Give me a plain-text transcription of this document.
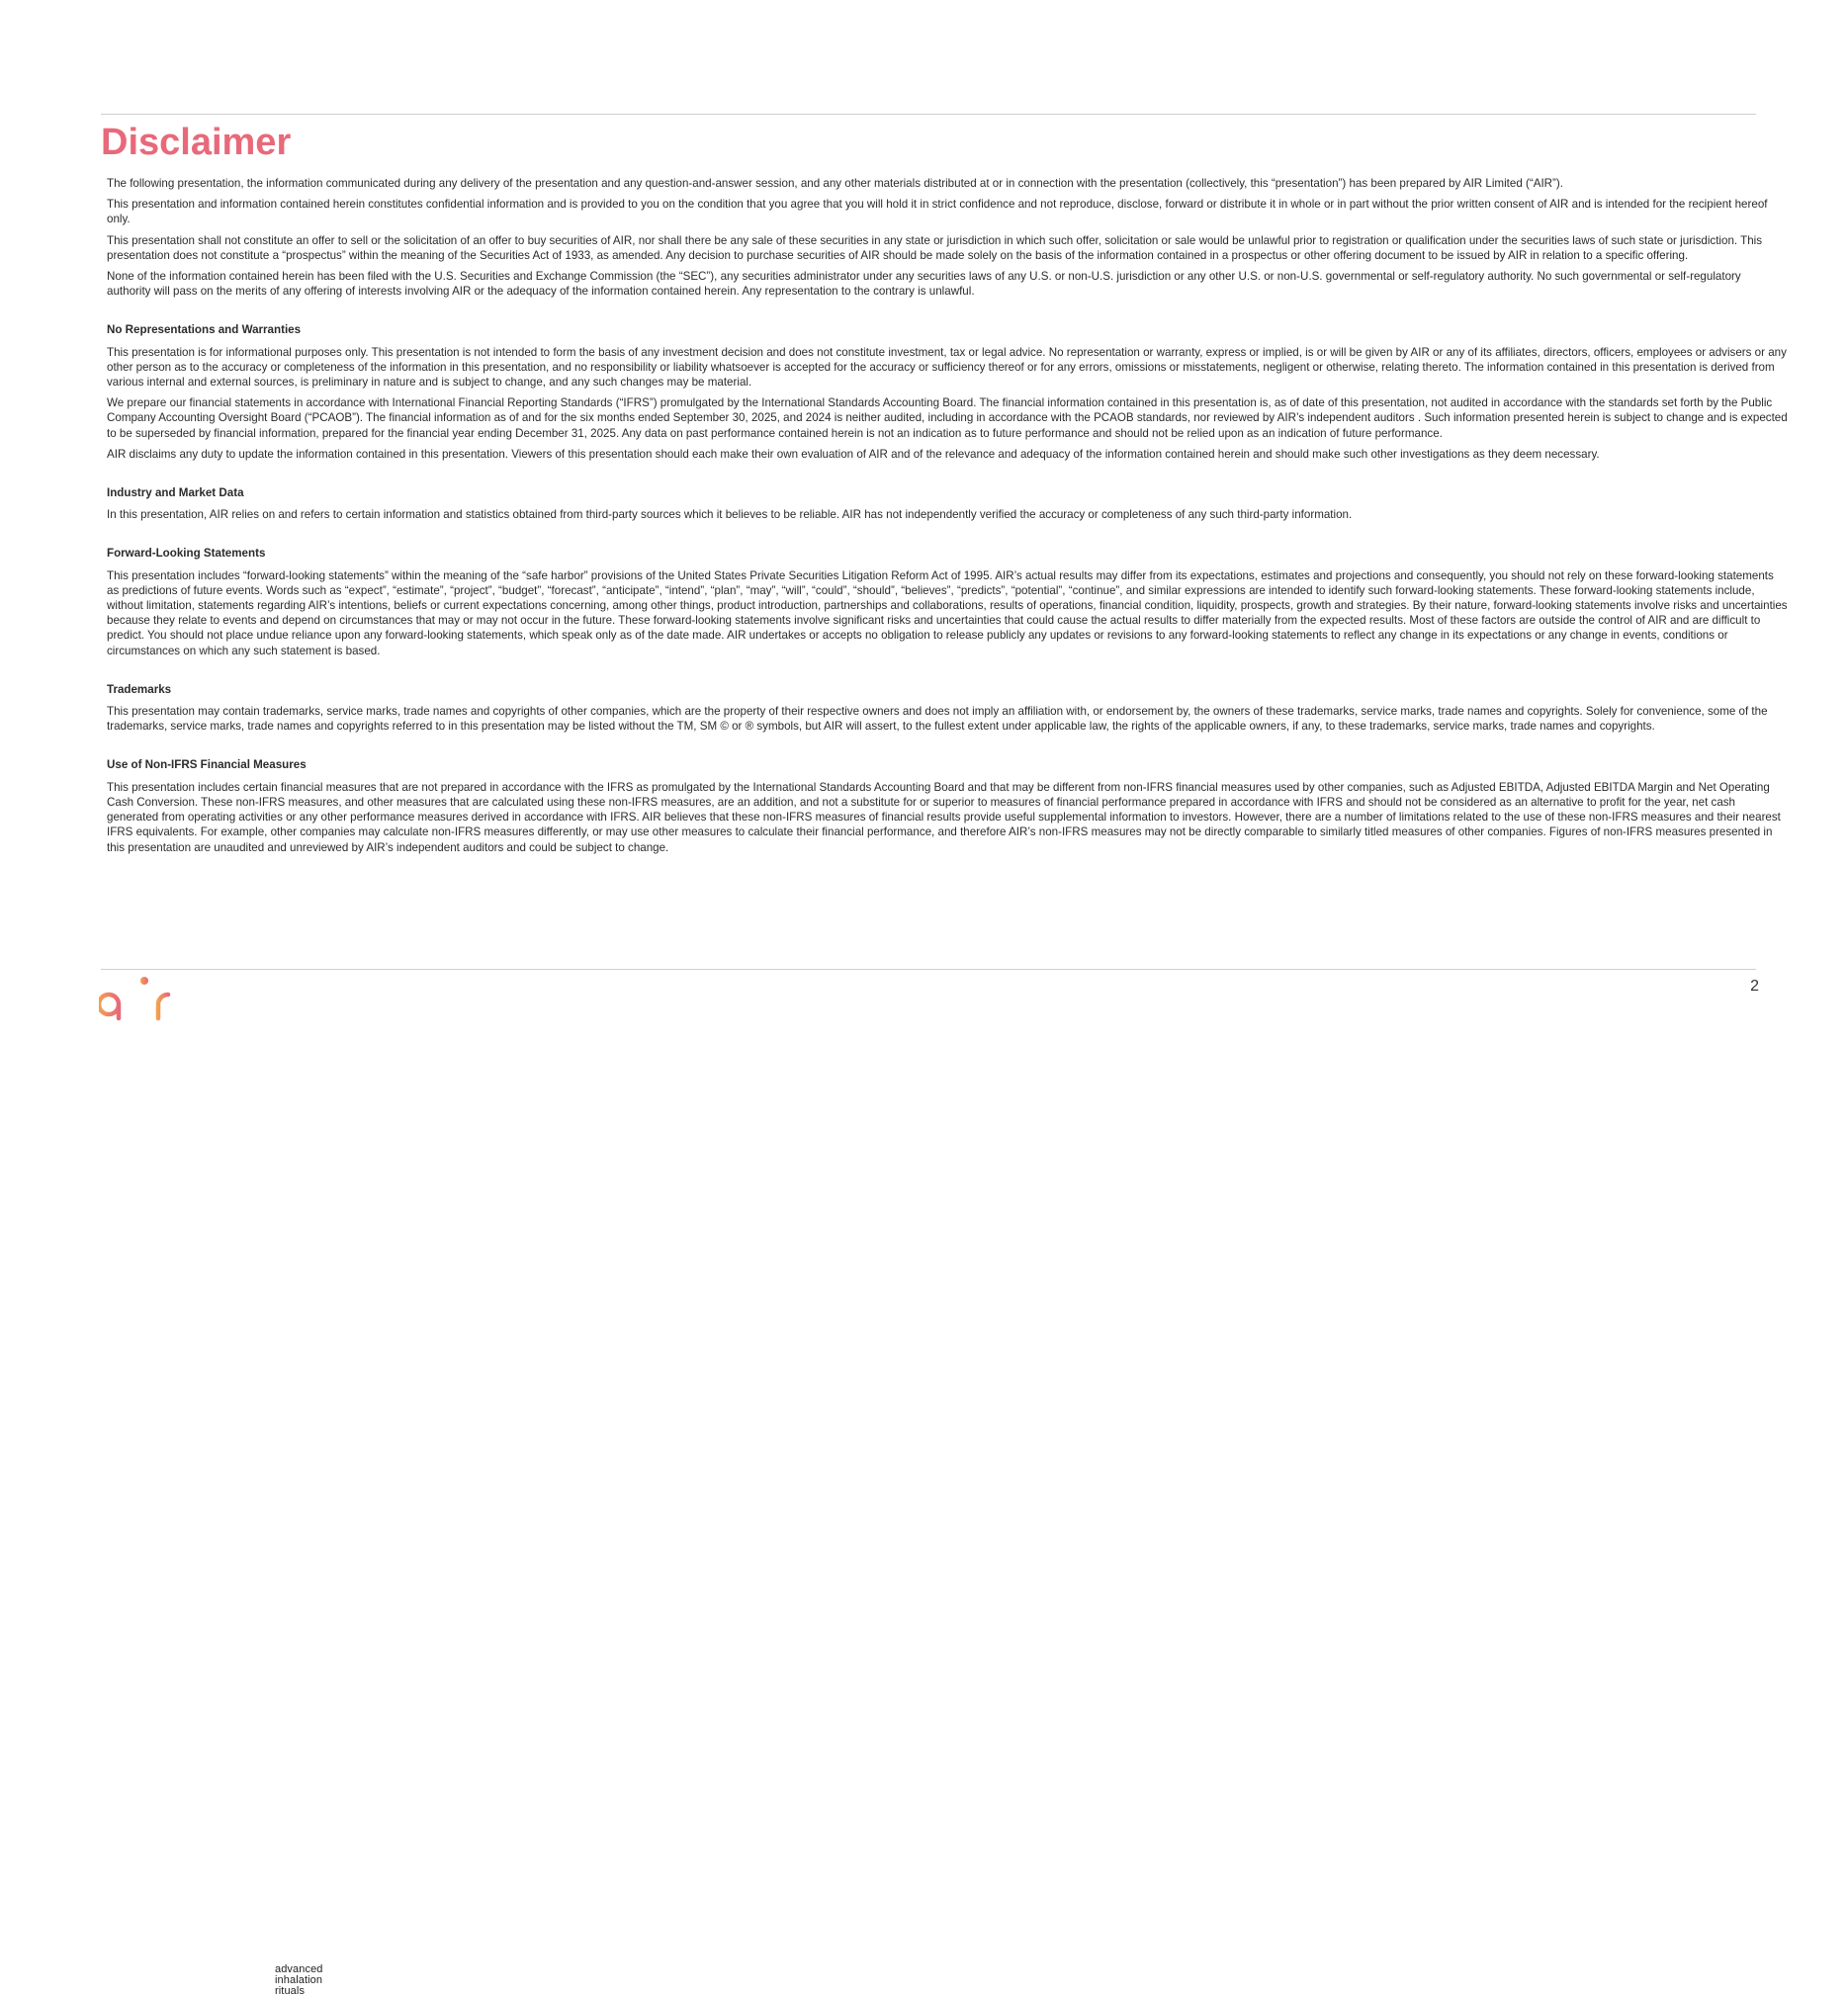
Disclaimer

The following presentation, the information communicated during any delivery of the presentation and any question-and-answer session, and any other materials distributed at or in connection with the presentation (collectively, this “presentation”) has been prepared by AIR Limited (“AIR”).

This presentation and information contained herein constitutes confidential information and is provided to you on the condition that you agree that you will hold it in strict confidence and not reproduce, disclose, forward or distribute it in whole or in part without the prior written consent of AIR and is intended for the recipient hereof only.

This presentation shall not constitute an offer to sell or the solicitation of an offer to buy securities of AIR, nor shall there be any sale of these securities in any state or jurisdiction in which such offer, solicitation or sale would be unlawful prior to registration or qualification under the securities laws of such state or jurisdiction. This presentation does not constitute a “prospectus” within the meaning of the Securities Act of 1933, as amended. Any decision to purchase securities of AIR should be made solely on the basis of the information contained in a prospectus or other offering document to be issued by AIR in relation to a specific offering.

None of the information contained herein has been filed with the U.S. Securities and Exchange Commission (the “SEC”), any securities administrator under any securities laws of any U.S. or non-U.S. jurisdiction or any other U.S. or non-U.S. governmental or self-regulatory authority. No such governmental or self-regulatory authority will pass on the merits of any offering of interests involving AIR or the adequacy of the information contained herein. Any representation to the contrary is unlawful.

No Representations and Warranties

This presentation is for informational purposes only. This presentation is not intended to form the basis of any investment decision and does not constitute investment, tax or legal advice. No representation or warranty, express or implied, is or will be given by AIR or any of its affiliates, directors, officers, employees or advisers or any other person as to the accuracy or completeness of the information in this presentation, and no responsibility or liability whatsoever is accepted for the accuracy or sufficiency thereof or for any errors, omissions or misstatements, negligent or otherwise, relating thereto. The information contained in this presentation is derived from various internal and external sources, is preliminary in nature and is subject to change, and any such changes may be material.

We prepare our financial statements in accordance with International Financial Reporting Standards (“IFRS”) promulgated by the International Standards Accounting Board. The financial information contained in this presentation is, as of date of this presentation, not audited in accordance with the standards set forth by the Public Company Accounting Oversight Board (“PCAOB”). The financial information as of and for the six months ended September 30, 2025, and 2024 is neither audited, including in accordance with the PCAOB standards, nor reviewed by AIR’s independent auditors . Such information presented herein is subject to change and is expected to be superseded by financial information, prepared for the financial year ending December 31, 2025. Any data on past performance contained herein is not an indication as to future performance and should not be relied upon as an indication of future performance.

AIR disclaims any duty to update the information contained in this presentation. Viewers of this presentation should each make their own evaluation of AIR and of the relevance and adequacy of the information contained herein and should make such other investigations as they deem necessary.

Industry and Market Data

In this presentation, AIR relies on and refers to certain information and statistics obtained from third-party sources which it believes to be reliable. AIR has not independently verified the accuracy or completeness of any such third-party information.

Forward-Looking Statements

This presentation includes “forward-looking statements” within the meaning of the “safe harbor” provisions of the United States Private Securities Litigation Reform Act of 1995. AIR’s actual results may differ from its expectations, estimates and projections and consequently, you should not rely on these forward-looking statements as predictions of future events. Words such as “expect”, “estimate”, “project”, “budget”, “forecast”, “anticipate”, “intend”, “plan”, “may”, “will”, “could”, “should”, “believes”, “predicts”, “potential”, “continue”, and similar expressions are intended to identify such forward-looking statements. These forward-looking statements include, without limitation, statements regarding AIR’s intentions, beliefs or current expectations concerning, among other things, product introduction, partnerships and collaborations, results of operations, financial condition, liquidity, prospects, growth and strategies. By their nature, forward-looking statements involve risks and uncertainties because they relate to events and depend on circumstances that may or may not occur in the future. These forward-looking statements involve significant risks and uncertainties that could cause the actual results to differ materially from the expected results. Most of these factors are outside the control of AIR and are difficult to predict. You should not place undue reliance upon any forward-looking statements, which speak only as of the date made. AIR undertakes or accepts no obligation to release publicly any updates or revisions to any forward-looking statements to reflect any change in its expectations or any change in events, conditions or circumstances on which any such statement is based.

Trademarks

This presentation may contain trademarks, service marks, trade names and copyrights of other companies, which are the property of their respective owners and does not imply an affiliation with, or endorsement by, the owners of these trademarks, service marks, trade names and copyrights. Solely for convenience, some of the trademarks, service marks, trade names and copyrights referred to in this presentation may be listed without the TM, SM © or ® symbols, but AIR will assert, to the fullest extent under applicable law, the rights of the applicable owners, if any, to these trademarks, service marks, trade names and copyrights.

Use of Non-IFRS Financial Measures

This presentation includes certain financial measures that are not prepared in accordance with the IFRS as promulgated by the International Standards Accounting Board and that may be different from non-IFRS financial measures used by other companies, such as Adjusted EBITDA, Adjusted EBITDA Margin and Net Operating Cash Conversion. These non-IFRS measures, and other measures that are calculated using these non-IFRS measures, are an addition, and not a substitute for or superior to measures of financial performance prepared in accordance with IFRS and should not be considered as an alternative to profit for the year, net cash generated from operating activities or any other performance measures derived in accordance with IFRS. AIR believes that these non-IFRS measures of financial results provide useful supplemental information to investors. However, there are a number of limitations related to the use of these non-IFRS measures and their nearest IFRS equivalents. For example, other companies may calculate non-IFRS measures differently, or may use other measures to calculate their financial performance, and therefore AIR’s non-IFRS measures may not be directly comparable to similarly titled measures of other companies. Figures of non-IFRS measures presented in this presentation are unaudited and unreviewed by AIR’s independent auditors and could be subject to change.

advanced
inhalation
rituals
2
